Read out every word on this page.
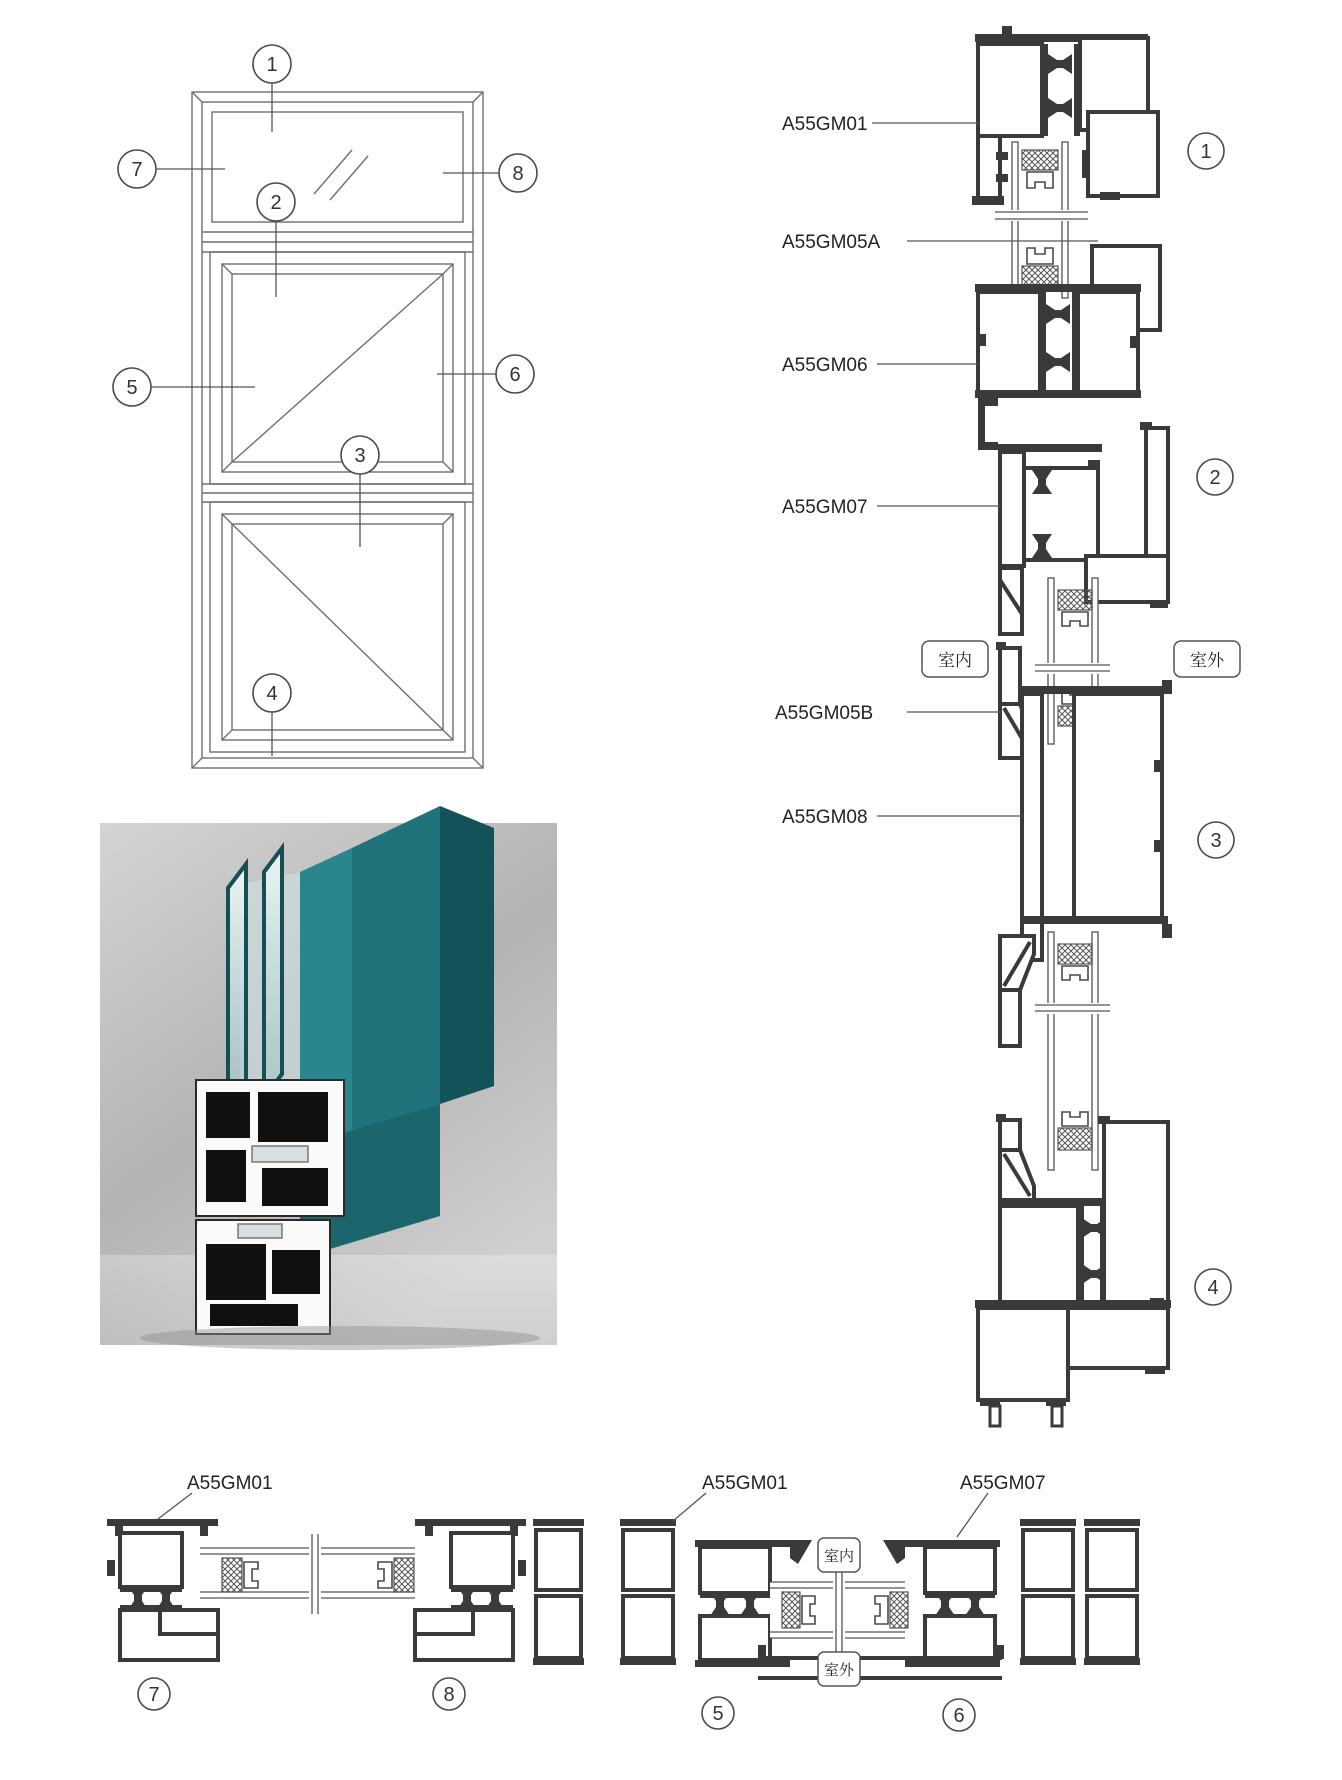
1
7	8
2
5
6
3
4
A55GM01
1
A55GM05A
A55GM06
2
A55GM07
室内	室外
A55GM05B
A55GM08
3
4
A55GM01
7	8
室内
室外
A55GM01	A55GM07
5	6
